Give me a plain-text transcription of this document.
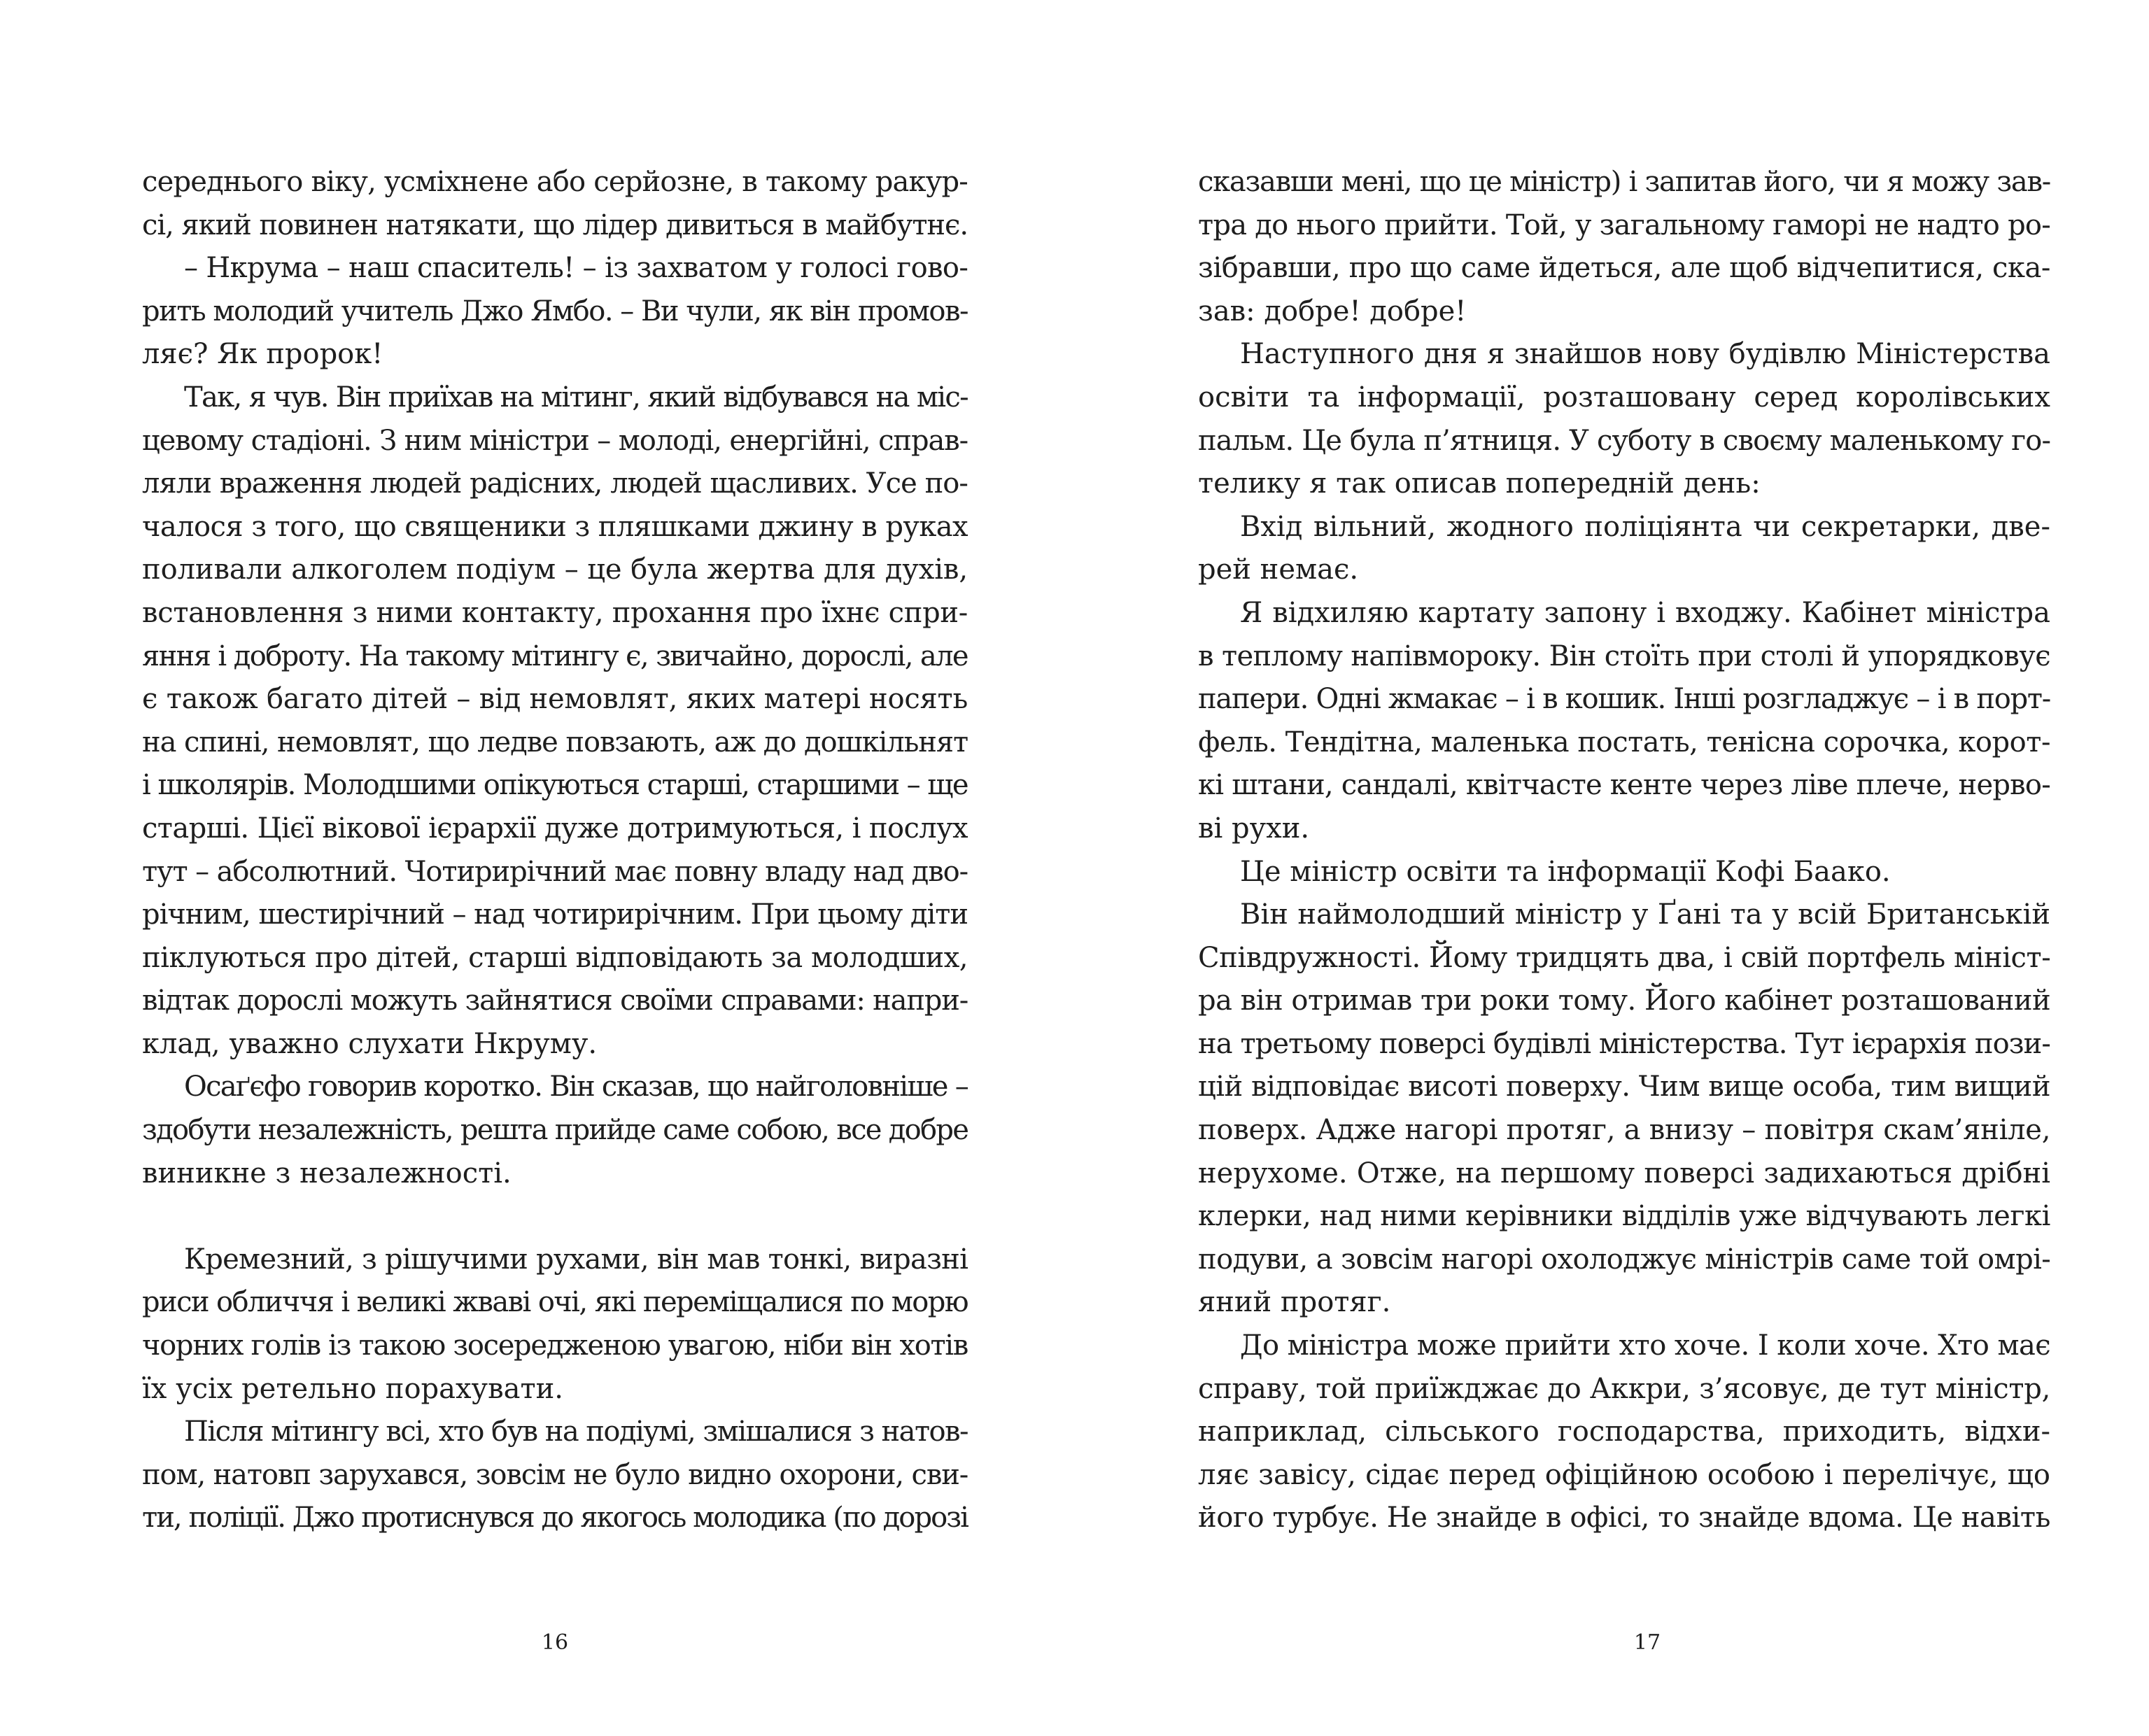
середнього віку, усміхнене або серйозне, в такому ракур-
сі, який повинен натякати, що лідер дивиться в майбутнє.
– Нкрума – наш спаситель! – із захватом у голосі гово-
рить молодий учитель Джо Ямбо. – Ви чули, як він промов-
ляє? Як пророк!
Так, я чув. Він приїхав на мітинг, який відбувався на міс-
цевому стадіоні. З ним міністри – молоді, енергійні, справ-
ляли враження людей радісних, людей щасливих. Усе по-
чалося з того, що священики з пляшками джину в руках
поливали алкоголем подіум – це була жертва для духів,
встановлення з ними контакту, прохання про їхнє спри-
яння і доброту. На такому мітингу є, звичайно, дорослі, але
є також багато дітей – від немовлят, яких матері носять
на спині, немовлят, що ледве повзають, аж до дошкільнят
і школярів. Молодшими опікуються старші, старшими – ще
старші. Цієї вікової ієрархії дуже дотримуються, і послух
тут – абсолютний. Чотирирічний має повну владу над дво-
річним, шестирічний – над чотирирічним. При цьому діти
піклуються про дітей, старші відповідають за молодших,
відтак дорослі можуть зайнятися своїми справами: напри-
клад, уважно слухати Нкруму.
Осаґєфо говорив коротко. Він сказав, що найголовніше –
здобути незалежність, решта прийде саме собою, все добре
виникне з незалежності.
Кремезний, з рішучими рухами, він мав тонкі, виразні
риси обличчя і великі жваві очі, які переміщалися по морю
чорних голів із такою зосередженою увагою, ніби він хотів
їх усіх ретельно порахувати.
Після мітингу всі, хто був на подіумі, змішалися з натов-
пом, натовп зарухався, зовсім не було видно охорони, сви-
ти, поліції. Джо протиснувся до якогось молодика (по дорозі
16
сказавши мені, що це міністр) і запитав його, чи я можу зав-
тра до нього прийти. Той, у загальному гаморі не надто ро-
зібравши, про що саме йдеться, але щоб відчепитися, ска-
зав: добре! добре!
Наступного дня я знайшов нову будівлю Міністерства
освіти та інформації, розташовану серед королівських
пальм. Це була п’ятниця. У суботу в своєму маленькому го-
телику я так описав попередній день:
Вхід вільний, жодного поліціянта чи секретарки, две-
рей немає.
Я відхиляю картату запону і входжу. Кабінет міністра
в теплому напівмороку. Він стоїть при столі й упорядковує
папери. Одні жмакає – і в кошик. Інші розгладжує – і в порт-
фель. Тендітна, маленька постать, тенісна сорочка, корот-
кі штани, сандалі, квітчасте кенте через ліве плече, нерво-
ві рухи.
Це міністр освіти та інформації Кофі Баако.
Він наймолодший міністр у Ґані та у всій Британській
Співдружності. Йому тридцять два, і свій портфель мініст-
ра він отримав три роки тому. Його кабінет розташований
на третьому поверсі будівлі міністерства. Тут ієрархія пози-
цій відповідає висоті поверху. Чим вище особа, тим вищий
поверх. Адже нагорі протяг, а внизу – повітря скам’яніле,
нерухоме. Отже, на першому поверсі задихаються дрібні
клерки, над ними керівники відділів уже відчувають легкі
подуви, а зовсім нагорі охолоджує міністрів саме той омрі-
яний протяг.
До міністра може прийти хто хоче. І коли хоче. Хто має
справу, той приїжджає до Аккри, з’ясовує, де тут міністр,
наприклад, сільського господарства, приходить, відхи-
ляє завісу, сідає перед офіційною особою і перелічує, що
його турбує. Не знайде в офісі, то знайде вдома. Це навіть
17
